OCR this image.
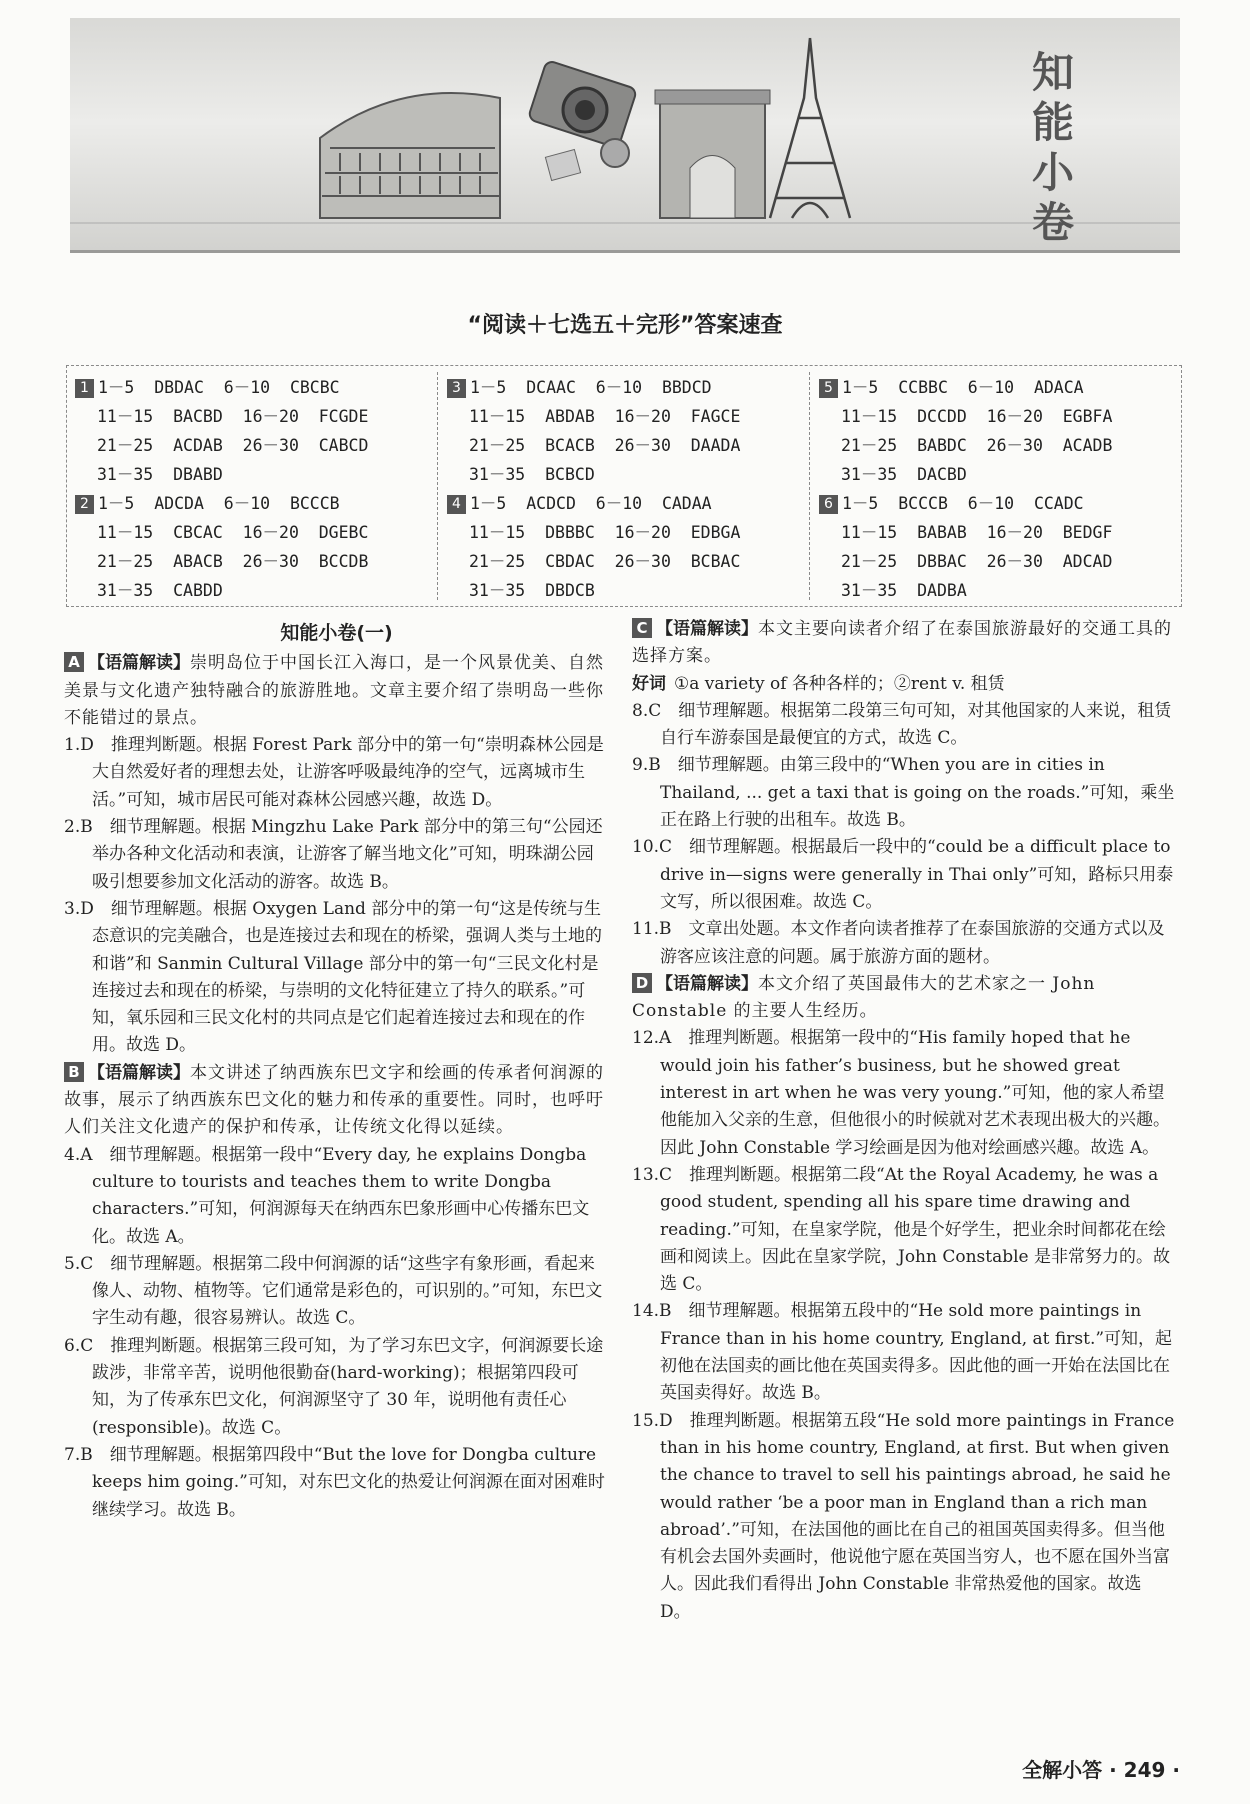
知能小卷
“阅读＋七选五＋完形”答案速查
1 1－5  DBDAC  6－10  CBCBC
11－15  BACBD  16－20  FCGDE
21－25  ACDAB  26－30  CABCD
31－35  DBABD
2 1－5  ADCDA  6－10  BCCCB
11－15  CBCAC  16－20  DGEBC
21－25  ABACB  26－30  BCCDB
31－35  CABDD
3 1－5  DCAAC  6－10  BBDCD
11－15  ABDAB  16－20  FAGCE
21－25  BCACB  26－30  DAADA
31－35  BCBCD
4 1－5  ACDCD  6－10  CADAA
11－15  DBBBC  16－20  EDBGA
21－25  CBDAC  26－30  BCBAC
31－35  DBDCB
5 1－5  CCBBC  6－10  ADACA
11－15  DCCDD  16－20  EGBFA
21－25  BABDC  26－30  ACADB
31－35  DACBD
6 1－5  BCCCB  6－10  CCADC
11－15  BABAB  16－20  BEDGF
21－25  DBBAC  26－30  ADCAD
31－35  DADBA
知能小卷(一)
A 【语篇解读】崇明岛位于中国长江入海口，是一个风景优美、自然美景与文化遗产独特融合的旅游胜地。文章主要介绍了崇明岛一些你不能错过的景点。
1.D　推理判断题。根据 Forest Park 部分中的第一句“崇明森林公园是大自然爱好者的理想去处，让游客呼吸最纯净的空气，远离城市生活。”可知，城市居民可能对森林公园感兴趣，故选 D。
2.B　细节理解题。根据 Mingzhu Lake Park 部分中的第三句“公园还举办各种文化活动和表演，让游客了解当地文化”可知，明珠湖公园吸引想要参加文化活动的游客。故选 B。
3.D　细节理解题。根据 Oxygen Land 部分中的第一句“这是传统与生态意识的完美融合，也是连接过去和现在的桥梁，强调人类与土地的和谐”和 Sanmin Cultural Village 部分中的第一句“三民文化村是连接过去和现在的桥梁，与崇明的文化特征建立了持久的联系。”可知，氧乐园和三民文化村的共同点是它们起着连接过去和现在的作用。故选 D。
B 【语篇解读】本文讲述了纳西族东巴文字和绘画的传承者何润源的故事，展示了纳西族东巴文化的魅力和传承的重要性。同时，也呼吁人们关注文化遗产的保护和传承，让传统文化得以延续。
4.A　细节理解题。根据第一段中“Every day, he explains Dongba culture to tourists and teaches them to write Dongba characters.”可知，何润源每天在纳西东巴象形画中心传播东巴文化。故选 A。
5.C　细节理解题。根据第二段中何润源的话“这些字有象形画，看起来像人、动物、植物等。它们通常是彩色的，可识别的。”可知，东巴文字生动有趣，很容易辨认。故选 C。
6.C　推理判断题。根据第三段可知，为了学习东巴文字，何润源要长途跋涉，非常辛苦，说明他很勤奋(hard-working)；根据第四段可知，为了传承东巴文化，何润源坚守了 30 年，说明他有责任心(responsible)。故选 C。
7.B　细节理解题。根据第四段中“But the love for Dongba culture keeps him going.”可知，对东巴文化的热爱让何润源在面对困难时继续学习。故选 B。
C 【语篇解读】本文主要向读者介绍了在泰国旅游最好的交通工具的选择方案。
好词 ①a variety of 各种各样的；②rent v. 租赁
8.C　细节理解题。根据第二段第三句可知，对其他国家的人来说，租赁自行车游泰国是最便宜的方式，故选 C。
9.B　细节理解题。由第三段中的“When you are in cities in Thailand, ... get a taxi that is going on the roads.”可知，乘坐正在路上行驶的出租车。故选 B。
10.C　细节理解题。根据最后一段中的“could be a difficult place to drive in—signs were generally in Thai only”可知，路标只用泰文写，所以很困难。故选 C。
11.B　文章出处题。本文作者向读者推荐了在泰国旅游的交通方式以及游客应该注意的问题。属于旅游方面的题材。
D 【语篇解读】本文介绍了英国最伟大的艺术家之一 John Constable 的主要人生经历。
12.A　推理判断题。根据第一段中的“His family hoped that he would join his father’s business, but he showed great interest in art when he was very young.”可知，他的家人希望他能加入父亲的生意，但他很小的时候就对艺术表现出极大的兴趣。因此 John Constable 学习绘画是因为他对绘画感兴趣。故选 A。
13.C　推理判断题。根据第二段“At the Royal Academy, he was a good student, spending all his spare time drawing and reading.”可知，在皇家学院，他是个好学生，把业余时间都花在绘画和阅读上。因此在皇家学院，John Constable 是非常努力的。故选 C。
14.B　细节理解题。根据第五段中的“He sold more paintings in France than in his home country, England, at first.”可知，起初他在法国卖的画比他在英国卖得多。因此他的画一开始在法国比在英国卖得好。故选 B。
15.D　推理判断题。根据第五段“He sold more paintings in France than in his home country, England, at first. But when given the chance to travel to sell his paintings abroad, he said he would rather ‘be a poor man in England than a rich man abroad’.”可知，在法国他的画比在自己的祖国英国卖得多。但当他有机会去国外卖画时，他说他宁愿在英国当穷人，也不愿在国外当富人。因此我们看得出 John Constable 非常热爱他的国家。故选 D。
全解小答 · 249 ·
